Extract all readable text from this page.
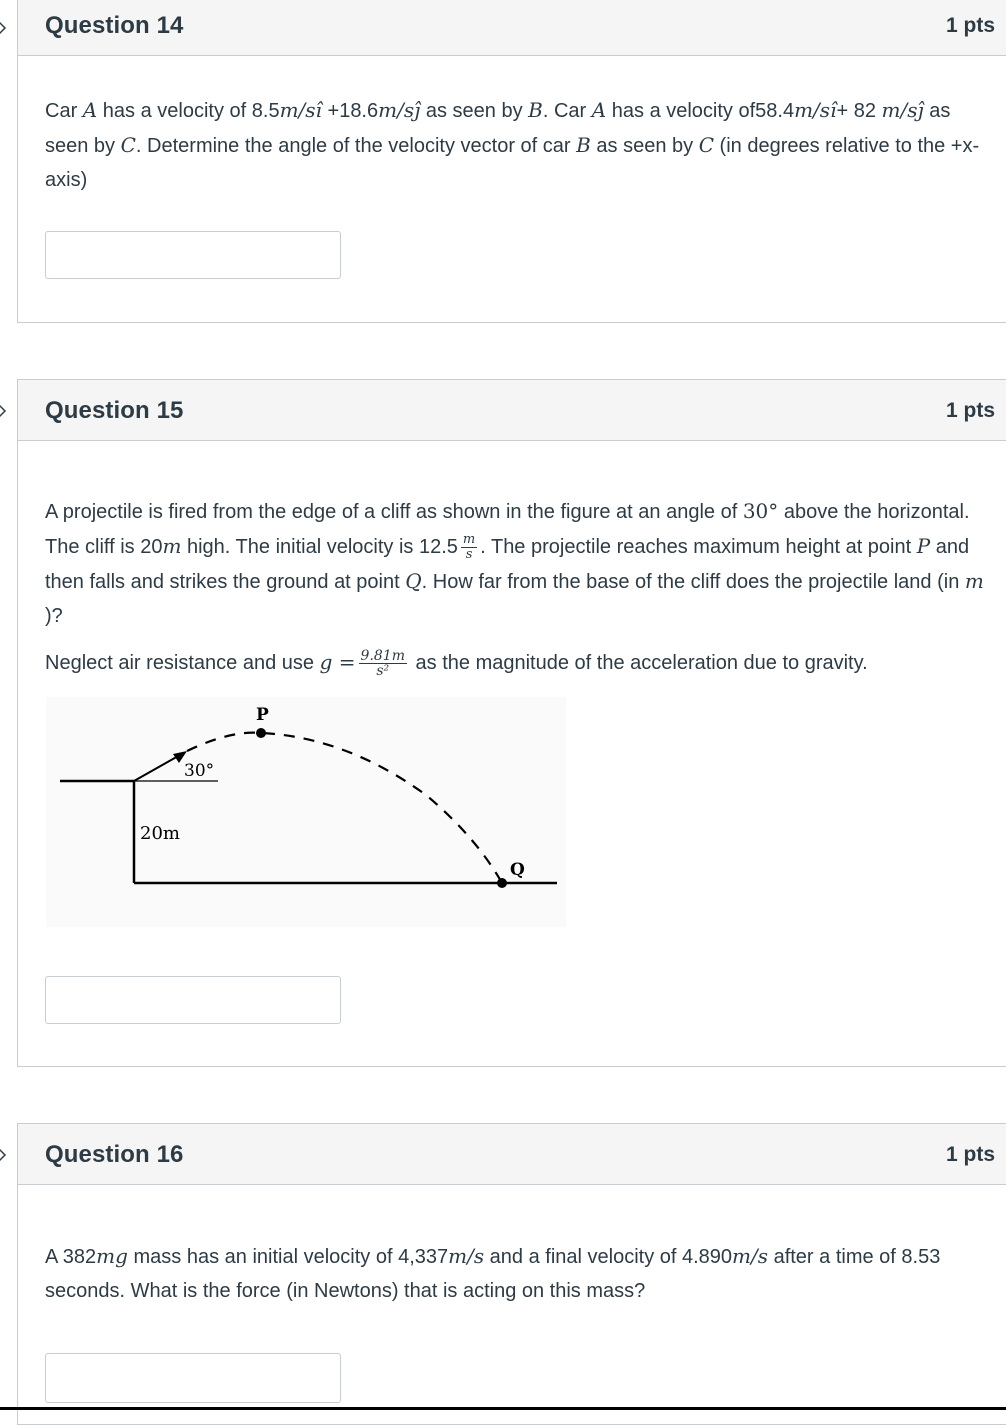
Question 14	1 pts
Car A has a velocity of 8.5m/sî +18.6m/sĵ as seen by B. Car A has a velocity of58.4m/sî+ 82 m/sĵ as seen by C. Determine the angle of the velocity vector of car B as seen by C (in degrees relative to the +x-axis)
Question 15	1 pts
A projectile is fired from the edge of a cliff as shown in the figure at an angle of 30° above the horizontal. The cliff is 20m high. The initial velocity is $12.5 \frac{m}{s}$ . The projectile reaches maximum height at point P and then falls and strikes the ground at point Q. How far from the base of the cliff does the projectile land (in m )?
Neglect air resistance and use $g = \frac{9.81m}{\text{s²}}$ as the magnitude of the acceleration due to gravity.
P
Q
30°
20m
Question 16	1 pts
A 382mg mass has an initial velocity of 4,337m/s and a final velocity of 4.890m/s after a time of 8.53 seconds. What is the force (in Newtons) that is acting on this mass?
